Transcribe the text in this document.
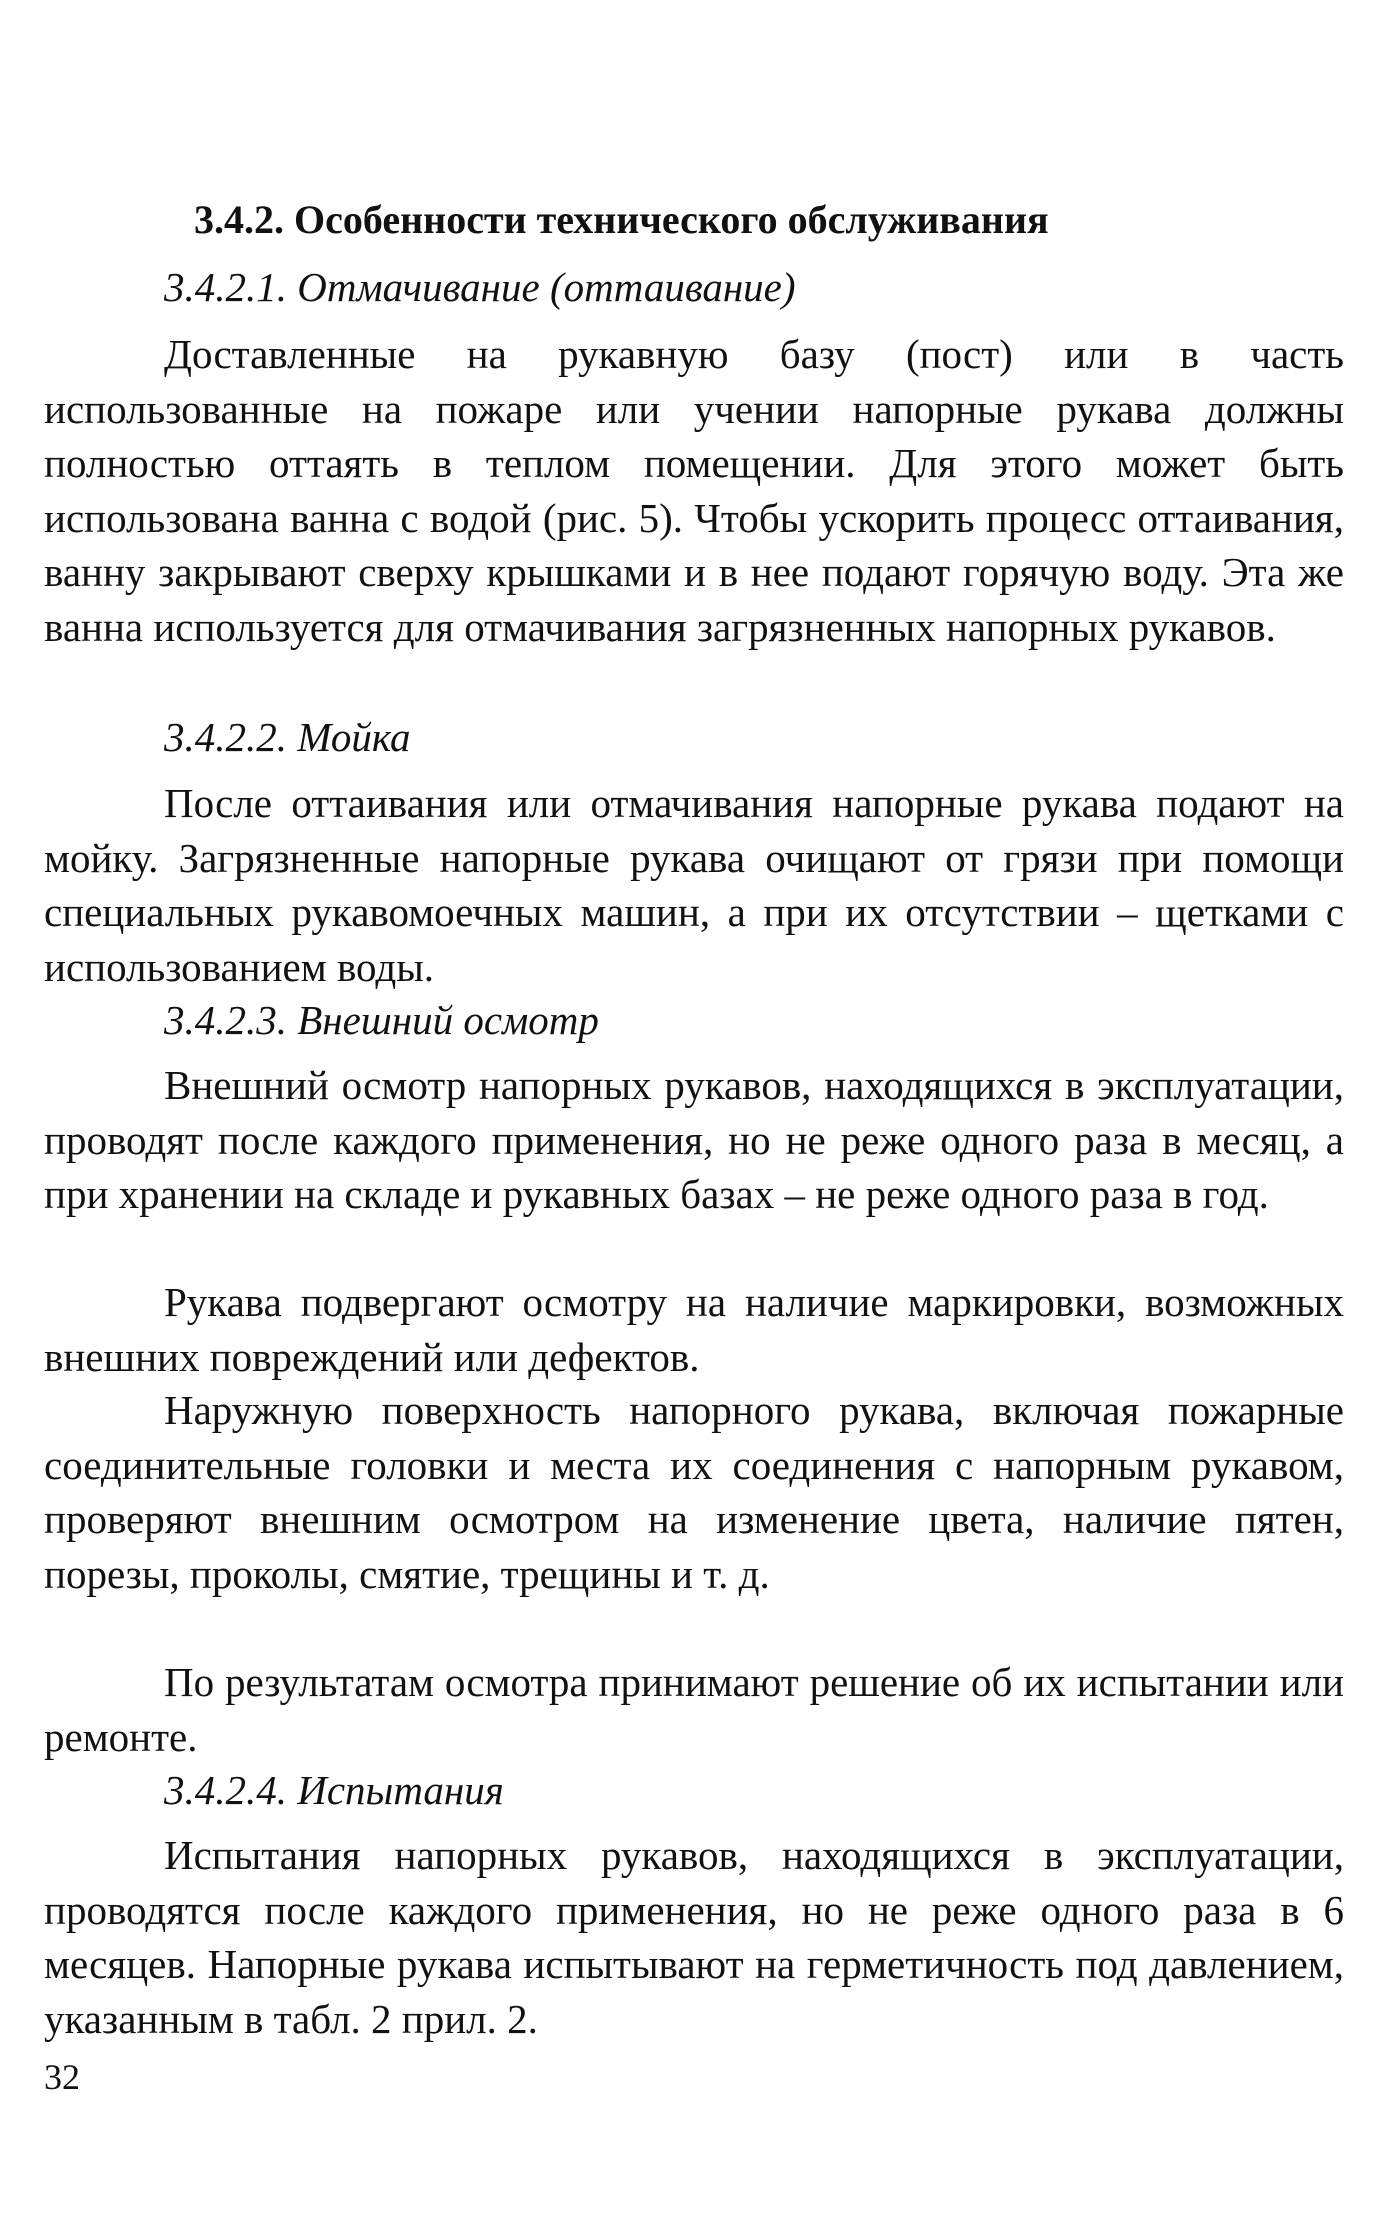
3.4.2. Особенности технического обслуживания
3.4.2.1. Отмачивание (оттаивание)

Доставленные на рукавную базу (пост) или в часть использованные на пожаре или учении напорные рукава должны полностью оттаять в теплом помещении. Для этого может быть использована ванна с водой (рис. 5). Чтобы ускорить процесс оттаивания, ванну закрывают сверху крышками и в нее подают горячую воду. Эта же ванна используется для отмачивания загрязненных напорных рукавов.

3.4.2.2. Мойка

После оттаивания или отмачивания напорные рукава подают на мойку. Загрязненные напорные рукава очищают от грязи при помощи специальных рукавомоечных машин, а при их отсутствии – щетками с использованием воды.

3.4.2.3. Внешний осмотр

Внешний осмотр напорных рукавов, находящихся в эксплуатации, проводят после каждого применения, но не реже одного раза в месяц, а при хранении на складе и рукавных базах – не реже одного раза в год.

Рукава подвергают осмотру на наличие маркировки, возможных внешних повреждений или дефектов.

Наружную поверхность напорного рукава, включая пожарные соединительные головки и места их соединения с напорным рукавом, проверяют внешним осмотром на изменение цвета, наличие пятен, порезы, проколы, смятие, трещины и т. д.

По результатам осмотра принимают решение об их испытании или ремонте.

3.4.2.4. Испытания

Испытания напорных рукавов, находящихся в эксплуатации, проводятся после каждого применения, но не реже одного раза в 6 месяцев. Напорные рукава испытывают на герметичность под давлением, указанным в табл. 2 прил. 2.

32
